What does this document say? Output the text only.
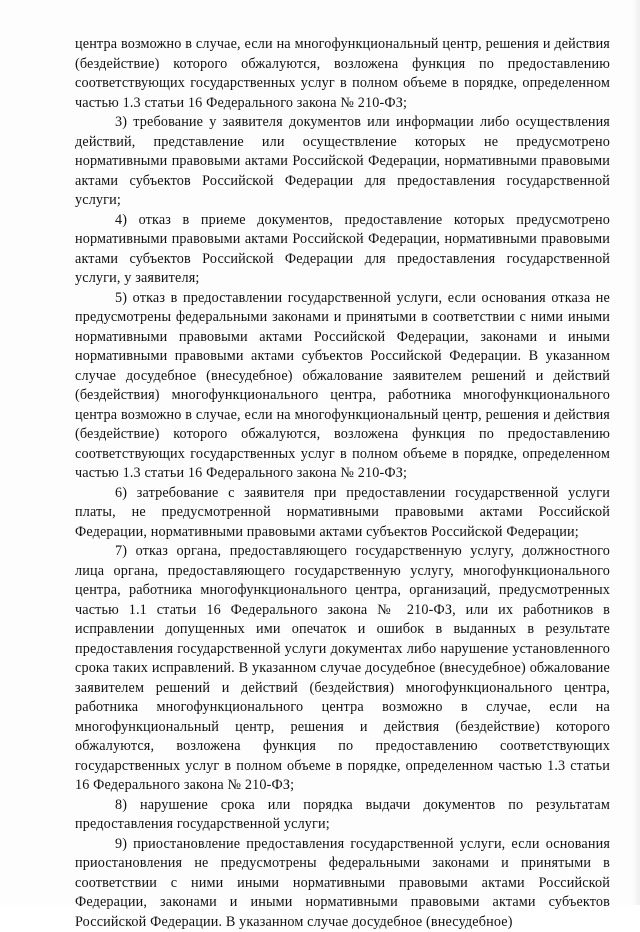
центра возможно в случае, если на многофункциональный центр, решения и действия (бездействие) которого обжалуются, возложена функция по предоставлению соответствующих государственных услуг в полном объеме в порядке, определенном частью 1.3 статьи 16 Федерального закона № 210-ФЗ;

3) требование у заявителя документов или информации либо осуществления действий, представление или осуществление которых не предусмотрено нормативными правовыми актами Российской Федерации, нормативными правовыми актами субъектов Российской Федерации для предоставления государственной услуги;

4) отказ в приеме документов, предоставление которых предусмотрено нормативными правовыми актами Российской Федерации, нормативными правовыми актами субъектов Российской Федерации для предоставления государственной услуги, у заявителя;

5) отказ в предоставлении государственной услуги, если основания отказа не предусмотрены федеральными законами и принятыми в соответствии с ними иными нормативными правовыми актами Российской Федерации, законами и иными нормативными правовыми актами субъектов Российской Федерации. В указанном случае досудебное (внесудебное) обжалование заявителем решений и действий (бездействия) многофункционального центра, работника многофункционального центра возможно в случае, если на многофункциональный центр, решения и действия (бездействие) которого обжалуются, возложена функция по предоставлению соответствующих государственных услуг в полном объеме в порядке, определенном частью 1.3 статьи 16 Федерального закона № 210-ФЗ;

6) затребование с заявителя при предоставлении государственной услуги платы, не предусмотренной нормативными правовыми актами Российской Федерации, нормативными правовыми актами субъектов Российской Федерации;

7) отказ органа, предоставляющего государственную услугу, должностного лица органа, предоставляющего государственную услугу, многофункционального центра, работника многофункционального центра, организаций, предусмотренных частью 1.1 статьи 16 Федерального закона № 210-ФЗ, или их работников в исправлении допущенных ими опечаток и ошибок в выданных в результате предоставления государственной услуги документах либо нарушение установленного срока таких исправлений. В указанном случае досудебное (внесудебное) обжалование заявителем решений и действий (бездействия) многофункционального центра, работника многофункционального центра возможно в случае, если на многофункциональный центр, решения и действия (бездействие) которого обжалуются, возложена функция по предоставлению соответствующих государственных услуг в полном объеме в порядке, определенном частью 1.3 статьи 16 Федерального закона № 210-ФЗ;

8) нарушение срока или порядка выдачи документов по результатам предоставления государственной услуги;

9) приостановление предоставления государственной услуги, если основания приостановления не предусмотрены федеральными законами и принятыми в соответствии с ними иными нормативными правовыми актами Российской Федерации, законами и иными нормативными правовыми актами субъектов Российской Федерации. В указанном случае досудебное (внесудебное)
